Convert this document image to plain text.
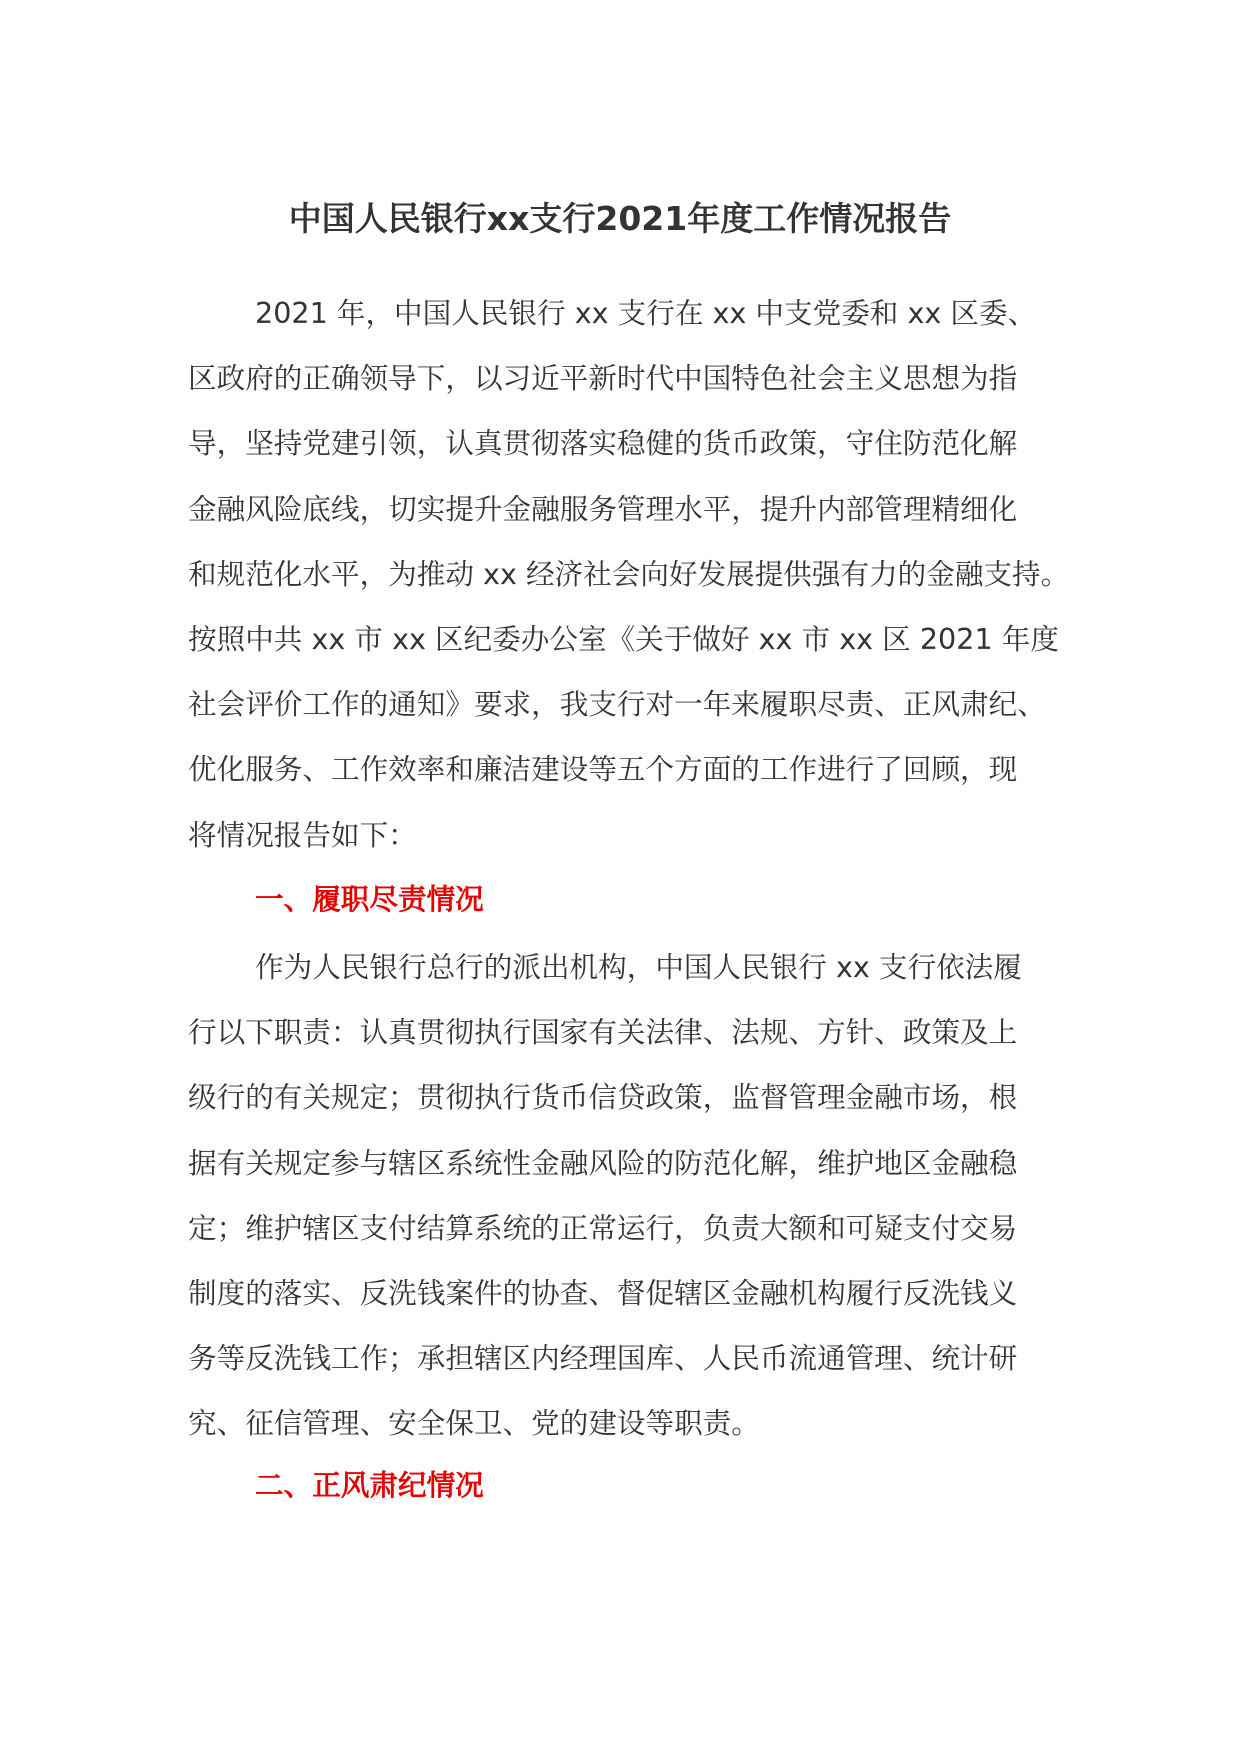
中国人民银行xx支行2021年度工作情况报告
2021 年，中国人民银行 xx 支行在 xx 中支党委和 xx 区委、
区政府的正确领导下，以习近平新时代中国特色社会主义思想为指
导，坚持党建引领，认真贯彻落实稳健的货币政策，守住防范化解
金融风险底线，切实提升金融服务管理水平，提升内部管理精细化
和规范化水平，为推动 xx 经济社会向好发展提供强有力的金融支持。
按照中共 xx 市 xx 区纪委办公室《关于做好 xx 市 xx 区 2021 年度
社会评价工作的通知》要求，我支行对一年来履职尽责、正风肃纪、
优化服务、工作效率和廉洁建设等五个方面的工作进行了回顾，现
将情况报告如下：
一、履职尽责情况
作为人民银行总行的派出机构，中国人民银行 xx 支行依法履
行以下职责：认真贯彻执行国家有关法律、法规、方针、政策及上
级行的有关规定；贯彻执行货币信贷政策，监督管理金融市场，根
据有关规定参与辖区系统性金融风险的防范化解，维护地区金融稳
定；维护辖区支付结算系统的正常运行，负责大额和可疑支付交易
制度的落实、反洗钱案件的协查、督促辖区金融机构履行反洗钱义
务等反洗钱工作；承担辖区内经理国库、人民币流通管理、统计研
究、征信管理、安全保卫、党的建设等职责。
二、正风肃纪情况
